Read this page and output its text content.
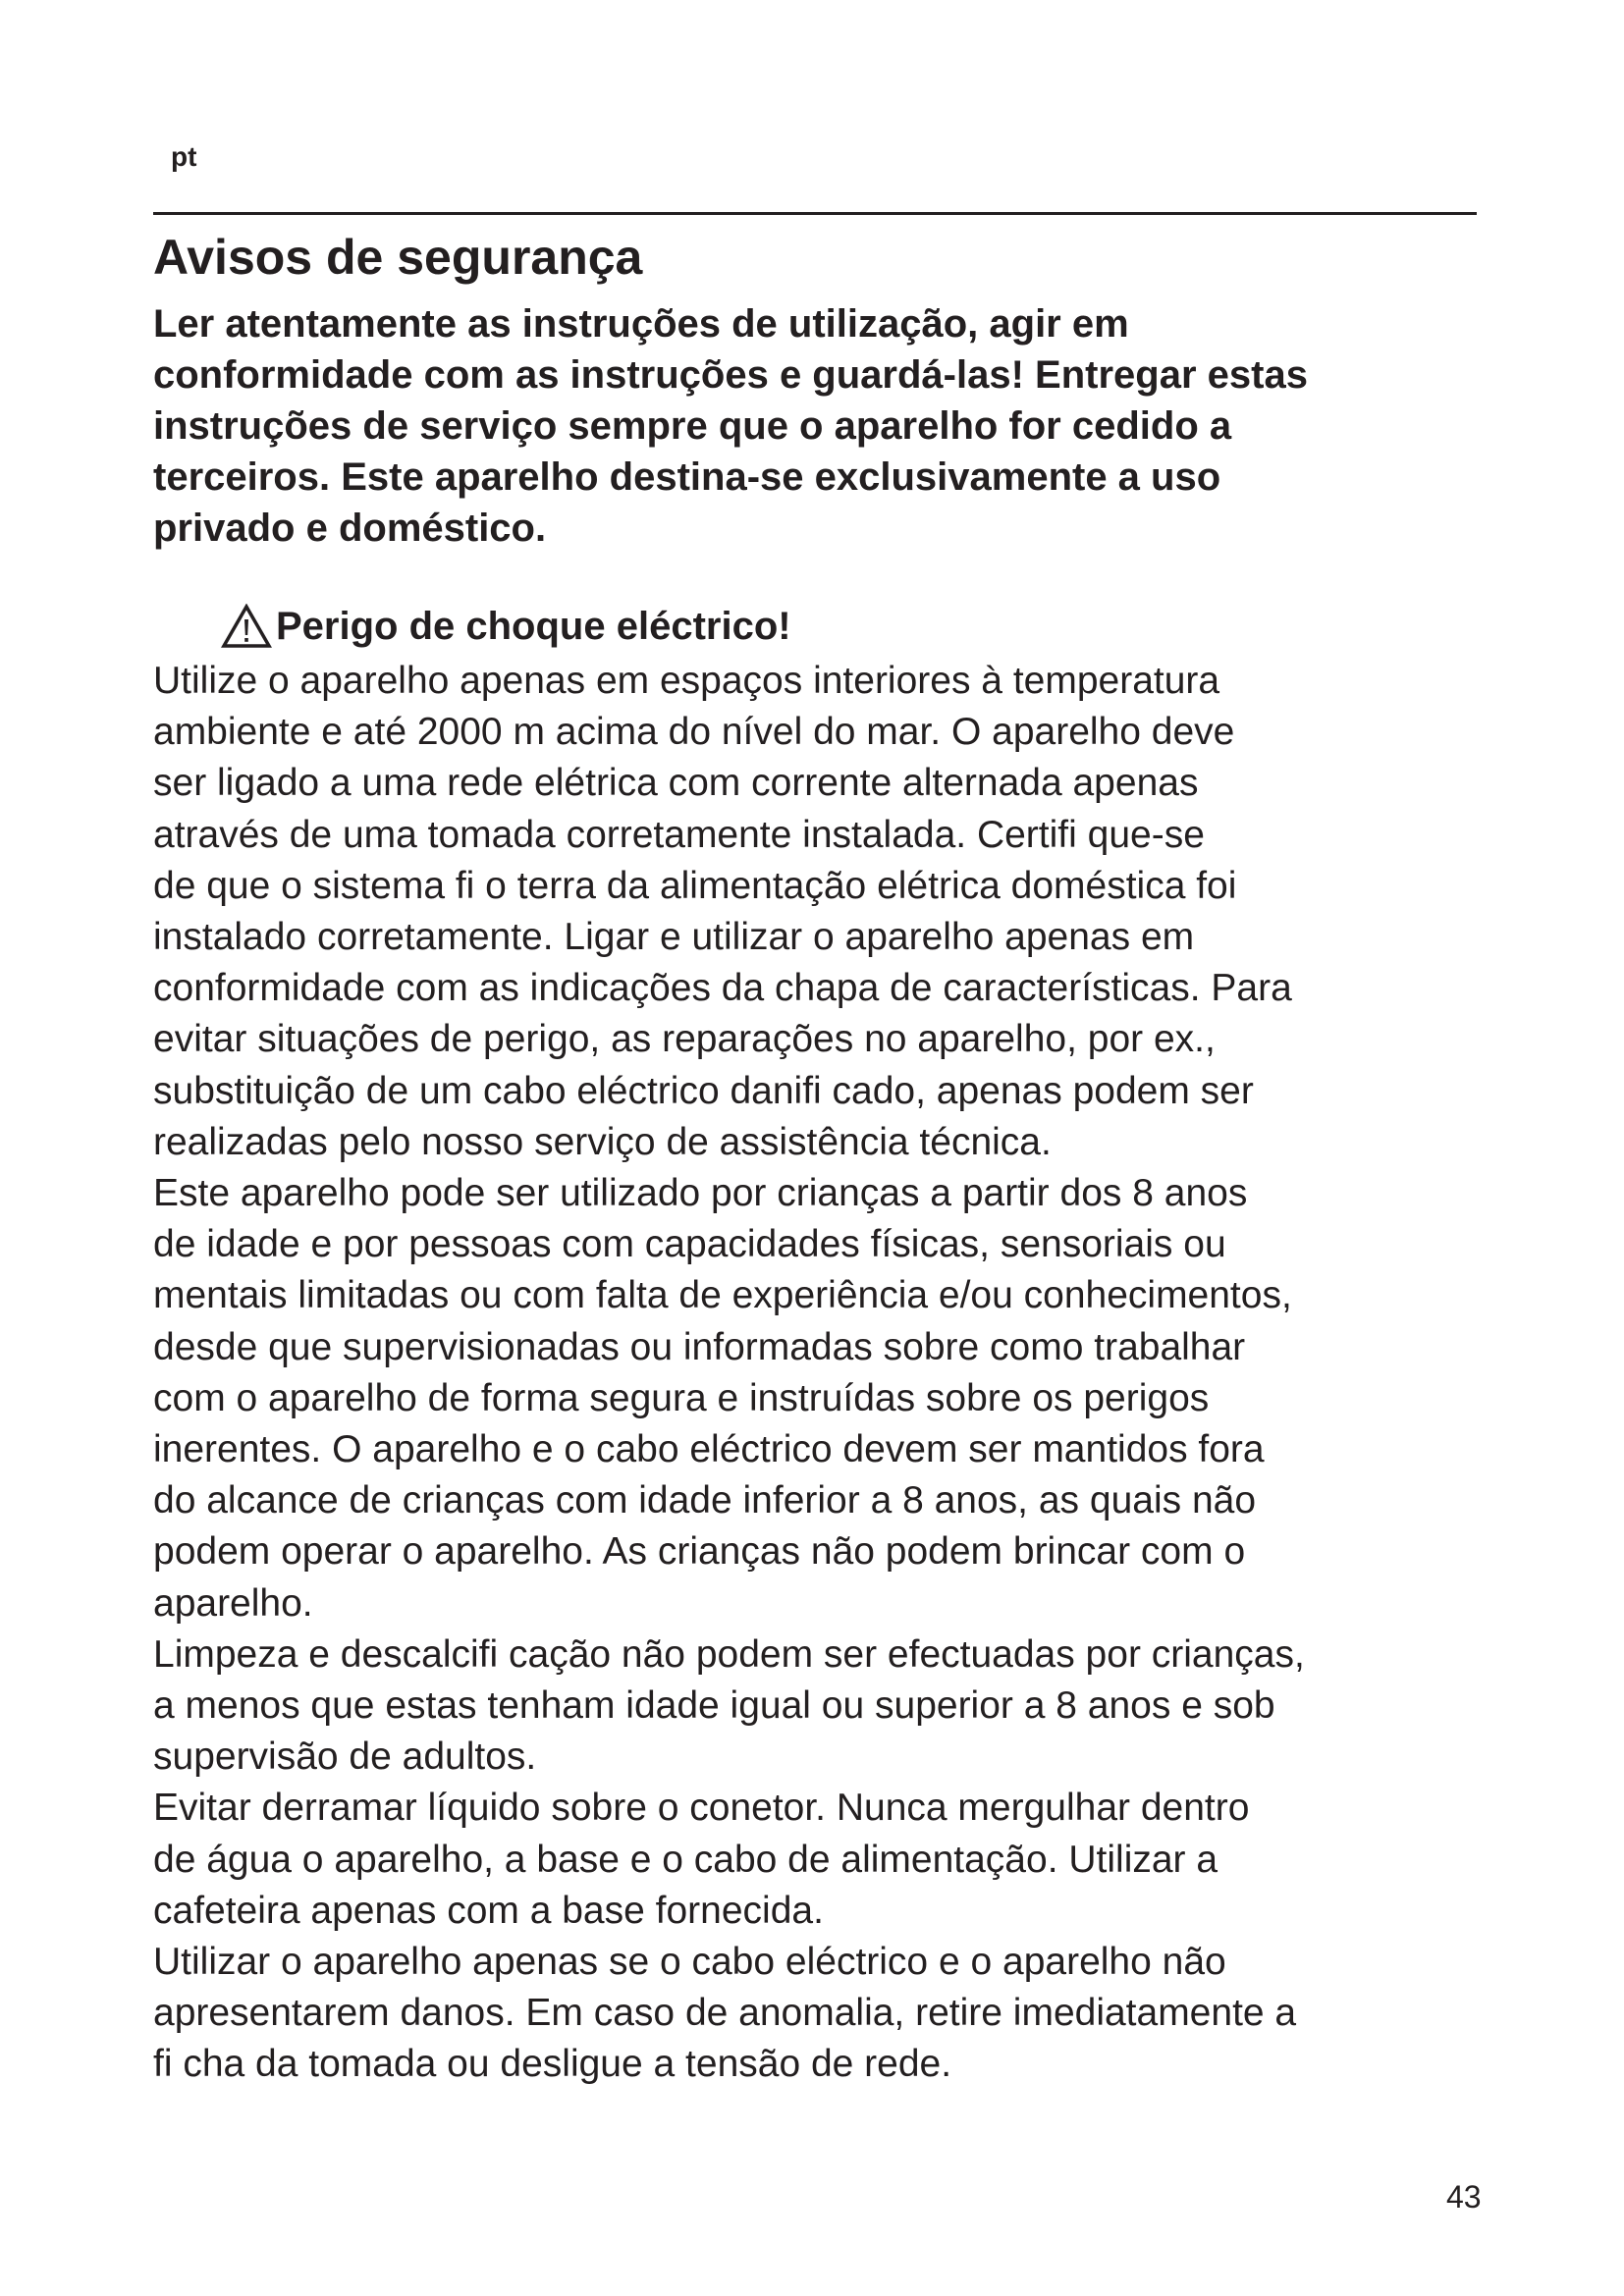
pt
Avisos de segurança

Ler atentamente as instruções de utilização, agir em

conformidade com as instruções e guardá-las! Entregar estas

instruções de serviço sempre que o aparelho for cedido a

terceiros. Este aparelho destina-se exclusivamente a uso

privado e doméstico.

Perigo de choque eléctrico!

Utilize o aparelho apenas em espaços interiores à temperatura

ambiente e até 2000 m acima do nível do mar. O aparelho deve

ser ligado a uma rede elétrica com corrente alternada apenas

através de uma tomada corretamente instalada. Certifi que-se

de que o sistema fi o terra da alimentação elétrica doméstica foi

instalado corretamente. Ligar e utilizar o aparelho apenas em

conformidade com as indicações da chapa de características. Para

evitar situações de perigo, as reparações no aparelho, por ex.,

substituição de um cabo eléctrico danifi cado, apenas podem ser

realizadas pelo nosso serviço de assistência técnica.

Este aparelho pode ser utilizado por crianças a partir dos 8 anos

de idade e por pessoas com capacidades físicas, sensoriais ou

mentais limitadas ou com falta de experiência e/ou conhecimentos,

desde que supervisionadas ou informadas sobre como trabalhar

com o aparelho de forma segura e instruídas sobre os perigos

inerentes. O aparelho e o cabo eléctrico devem ser mantidos fora

do alcance de crianças com idade inferior a 8 anos, as quais não

podem operar o aparelho. As crianças não podem brincar com o

aparelho.

Limpeza e descalcifi cação não podem ser efectuadas por crianças,

a menos que estas tenham idade igual ou superior a 8 anos e sob

supervisão de adultos.

Evitar derramar líquido sobre o conetor. Nunca mergulhar dentro

de água o aparelho, a base e o cabo de alimentação. Utilizar a

cafeteira apenas com a base fornecida.

Utilizar o aparelho apenas se o cabo eléctrico e o aparelho não

apresentarem danos. Em caso de anomalia, retire imediatamente a

fi cha da tomada ou desligue a tensão de rede.

43
